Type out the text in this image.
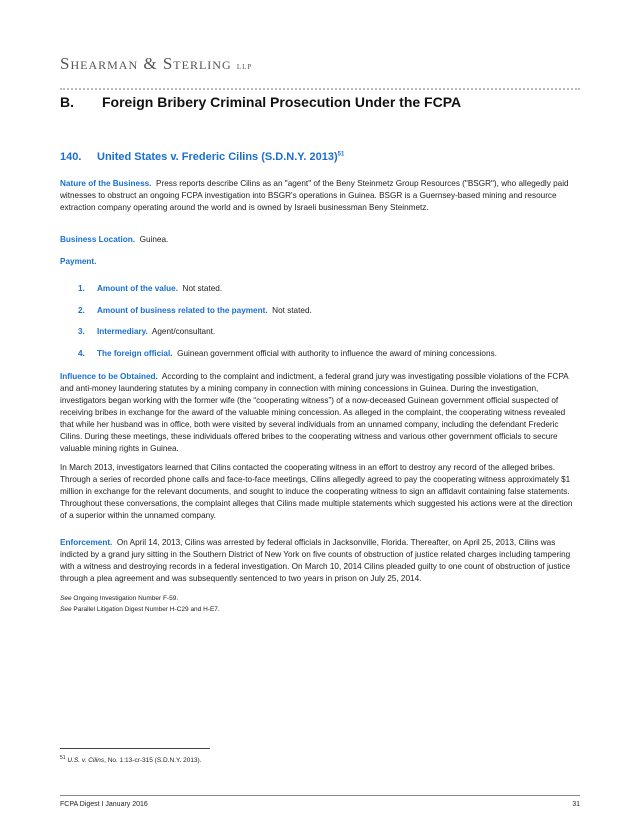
Shearman & Sterling LLP
B. Foreign Bribery Criminal Prosecution Under the FCPA
140. United States v. Frederic Cilins (S.D.N.Y. 2013)$^{51}$

Nature of the Business. Press reports describe Cilins as an "agent" of the Beny Steinmetz Group Resources ("BSGR"), who allegedly paid witnesses to obstruct an ongoing FCPA investigation into BSGR's operations in Guinea. BSGR is a Guernsey-based mining and resource extraction company operating around the world and is owned by Israeli businessman Beny Steinmetz.

Business Location. Guinea.

Payment.

1. Amount of the value. Not stated.
2. Amount of business related to the payment. Not stated.
3. Intermediary. Agent/consultant.
4. The foreign official. Guinean government official with authority to influence the award of mining concessions.

Influence to be Obtained. According to the complaint and indictment, a federal grand jury was investigating possible violations of the FCPA and anti-money laundering statutes by a mining company in connection with mining concessions in Guinea. During the investigation, investigators began working with the former wife (the “cooperating witness”) of a now-deceased Guinean government official suspected of receiving bribes in exchange for the award of the valuable mining concession. As alleged in the complaint, the cooperating witness revealed that while her husband was in office, both were visited by several individuals from an unnamed company, including the defendant Frederic Cilins. During these meetings, these individuals offered bribes to the cooperating witness and various other government officials to secure valuable mining rights in Guinea.

In March 2013, investigators learned that Cilins contacted the cooperating witness in an effort to destroy any record of the alleged bribes. Through a series of recorded phone calls and face-to-face meetings, Cilins allegedly agreed to pay the cooperating witness approximately $1 million in exchange for the relevant documents, and sought to induce the cooperating witness to sign an affidavit containing false statements. Throughout these conversations, the complaint alleges that Cilins made multiple statements which suggested his actions were at the direction of a superior within the unnamed company.

Enforcement. On April 14, 2013, Cilins was arrested by federal officials in Jacksonville, Florida. Thereafter, on April 25, 2013, Cilins was indicted by a grand jury sitting in the Southern District of New York on five counts of obstruction of justice related charges including tampering with a witness and destroying records in a federal investigation. On March 10, 2014 Cilins pleaded guilty to one count of obstruction of justice through a plea agreement and was subsequently sentenced to two years in prison on July 25, 2014.

See Ongoing Investigation Number F-59.
See Parallel Litigation Digest Number H-C29 and H-E7.
$^{51}$ U.S. v. Cilins, No. 1:13-cr-315 (S.D.N.Y. 2013).
FCPA Digest I January 2016	31
